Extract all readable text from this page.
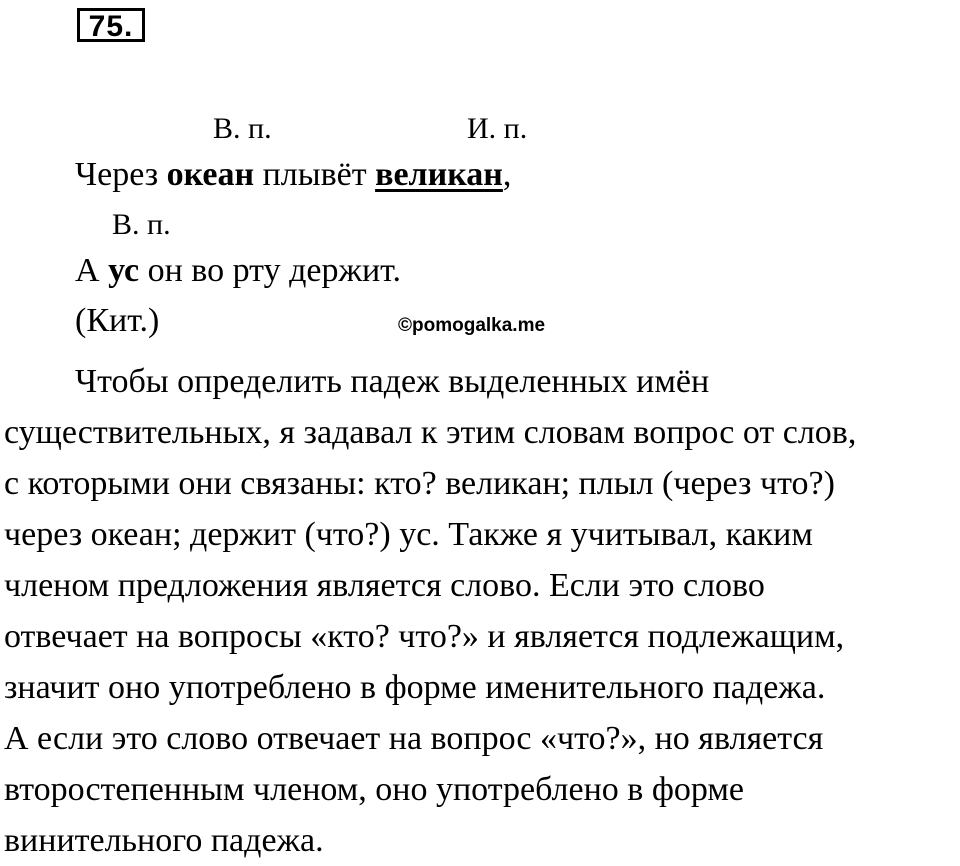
75.
В. п.	И. п.
Через океан плывёт великан,
В. п.
А ус он во рту держит.
(Кит.)	©pomogalka.me
Чтобы определить падеж выделенных имён
существительных, я задавал к этим словам вопрос от слов,
с которыми они связаны: кто? великан; плыл (через что?)
через океан; держит (что?) ус. Также я учитывал, каким
членом предложения является слово. Если это слово
отвечает на вопросы «кто? что?» и является подлежащим,
значит оно употреблено в форме именительного падежа.
А если это слово отвечает на вопрос «что?», но является
второстепенным членом, оно употреблено в форме
винительного падежа.
